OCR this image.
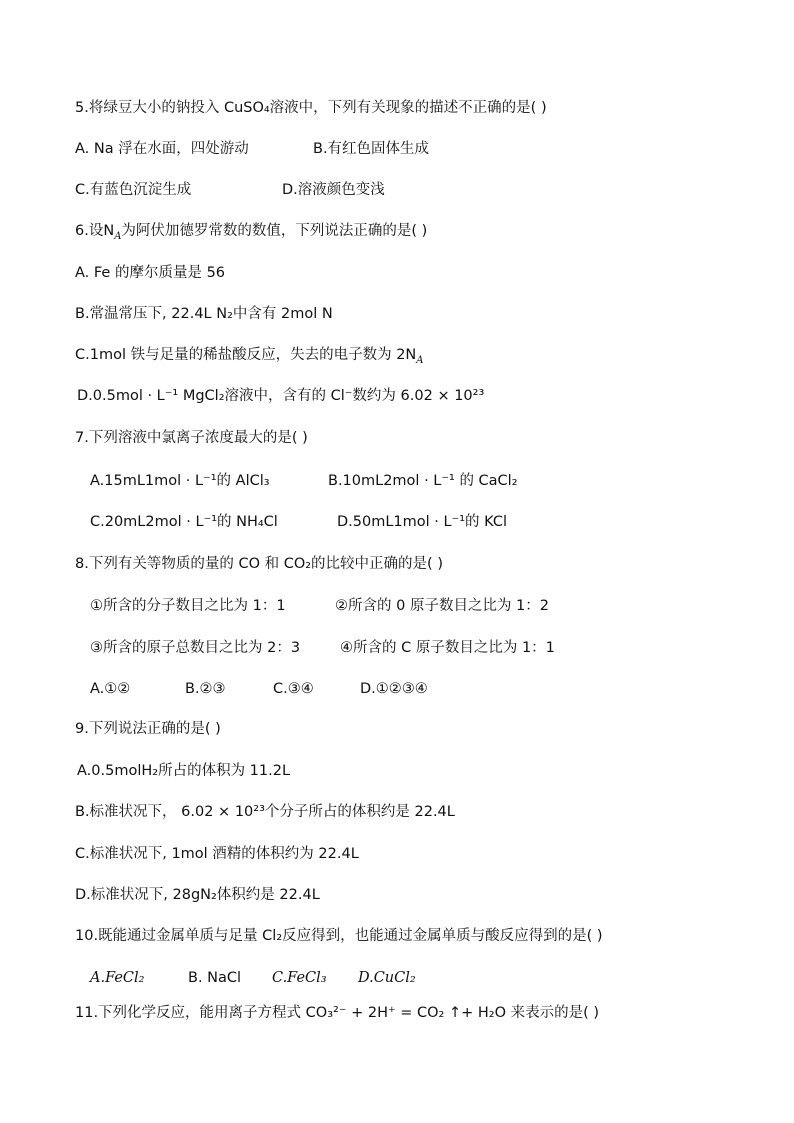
5.将绿豆大小的钠投入 CuSO₄溶液中，下列有关现象的描述不正确的是( )
A. Na 浮在水面，四处游动	B.有红色固体生成
C.有蓝色沉淀生成	D.溶液颜色变浅
6.设$N_A$为阿伏加德罗常数的数值，下列说法正确的是( )
A. Fe 的摩尔质量是 56
B.常温常压下, 22.4L N₂中含有 2mol N
C.1mol 铁与足量的稀盐酸反应，失去的电子数为 $2N_A$
D.0.5mol · L⁻¹ MgCl₂溶液中，含有的 Cl⁻数约为 6.02 × 10²³
7.下列溶液中氯离子浓度最大的是( )
A.15mL1mol · L⁻¹的 AlCl₃	B.10mL2mol · L⁻¹ 的 CaCl₂
C.20mL2mol · L⁻¹的 NH₄Cl	D.50mL1mol · L⁻¹的 KCl
8.下列有关等物质的量的 CO 和 CO₂的比较中正确的是( )
①所含的分子数目之比为 1：1	②所含的 0 原子数目之比为 1：2
③所含的原子总数目之比为 2：3	④所含的 C 原子数目之比为 1：1
A.①②	B.②③	C.③④	D.①②③④
9.下列说法正确的是( )
A.0.5molH₂所占的体积为 11.2L
B.标准状况下， 6.02 × 10²³个分子所占的体积约是 22.4L
C.标准状况下, 1mol 酒精的体积约为 22.4L
D.标准状况下, 28gN₂体积约是 22.4L
10.既能通过金属单质与足量 Cl₂反应得到，也能通过金属单质与酸反应得到的是( )
A.FeCl₂	B. NaCl C.FeCl₃ D.CuCl₂
11.下列化学反应，能用离子方程式 CO₃²⁻ + 2H⁺ = CO₂ ↑+ H₂O 来表示的是( )
